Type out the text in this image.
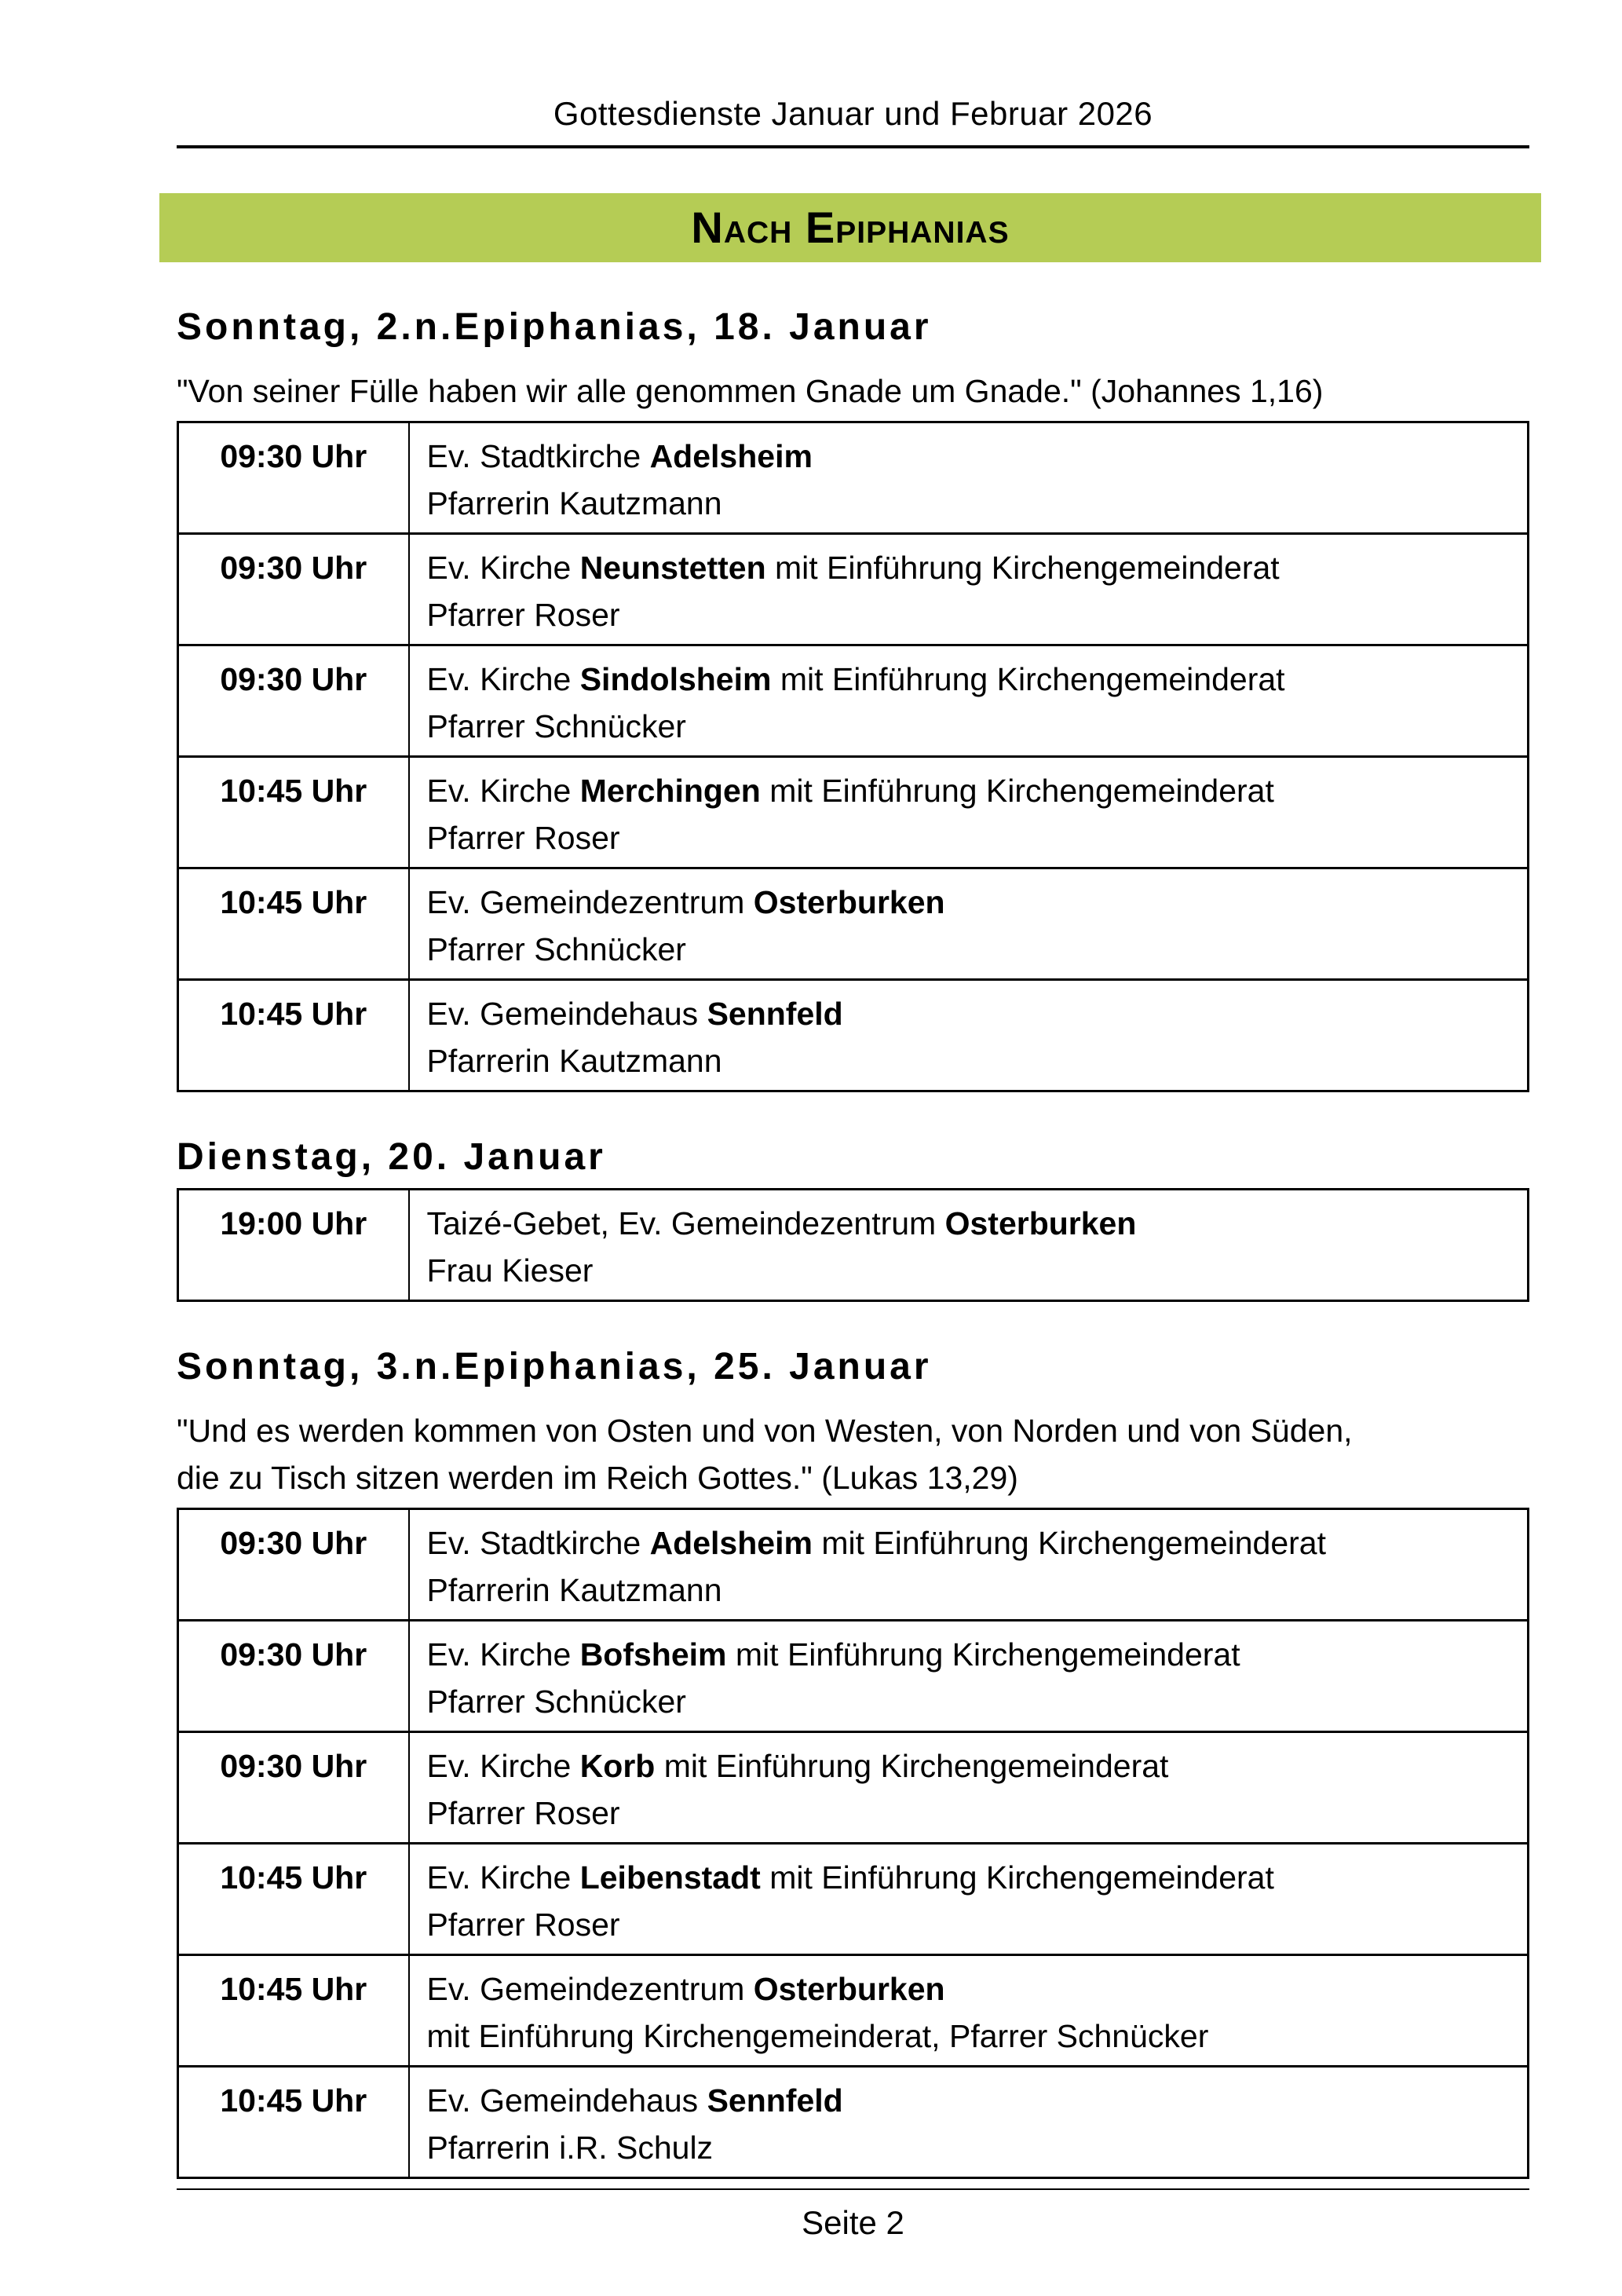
Gottesdienste Januar und Februar 2026
Nach Epiphanias
Sonntag, 2.n.Epiphanias, 18. Januar
"Von seiner Fülle haben wir alle genommen Gnade um Gnade." (Johannes 1,16)
09:30 Uhr	Ev. Stadtkirche Adelsheim
Pfarrerin Kautzmann

09:30 Uhr	Ev. Kirche Neunstetten mit Einführung Kirchengemeinderat
Pfarrer Roser

09:30 Uhr	Ev. Kirche Sindolsheim mit Einführung Kirchengemeinderat
Pfarrer Schnücker

10:45 Uhr	Ev. Kirche Merchingen mit Einführung Kirchengemeinderat
Pfarrer Roser

10:45 Uhr	Ev. Gemeindezentrum Osterburken
Pfarrer Schnücker

10:45 Uhr	Ev. Gemeindehaus Sennfeld
Pfarrerin Kautzmann
Dienstag, 20. Januar
19:00 Uhr	Taizé-Gebet, Ev. Gemeindezentrum Osterburken
Frau Kieser
Sonntag, 3.n.Epiphanias, 25. Januar
"Und es werden kommen von Osten und von Westen, von Norden und von Süden,
die zu Tisch sitzen werden im Reich Gottes." (Lukas 13,29)
09:30 Uhr	Ev. Stadtkirche Adelsheim mit Einführung Kirchengemeinderat
Pfarrerin Kautzmann

09:30 Uhr	Ev. Kirche Bofsheim mit Einführung Kirchengemeinderat
Pfarrer Schnücker

09:30 Uhr	Ev. Kirche Korb mit Einführung Kirchengemeinderat
Pfarrer Roser

10:45 Uhr	Ev. Kirche Leibenstadt mit Einführung Kirchengemeinderat
Pfarrer Roser

10:45 Uhr	Ev. Gemeindezentrum Osterburken
mit Einführung Kirchengemeinderat, Pfarrer Schnücker

10:45 Uhr	Ev. Gemeindehaus Sennfeld
Pfarrerin i.R. Schulz
Seite 2
